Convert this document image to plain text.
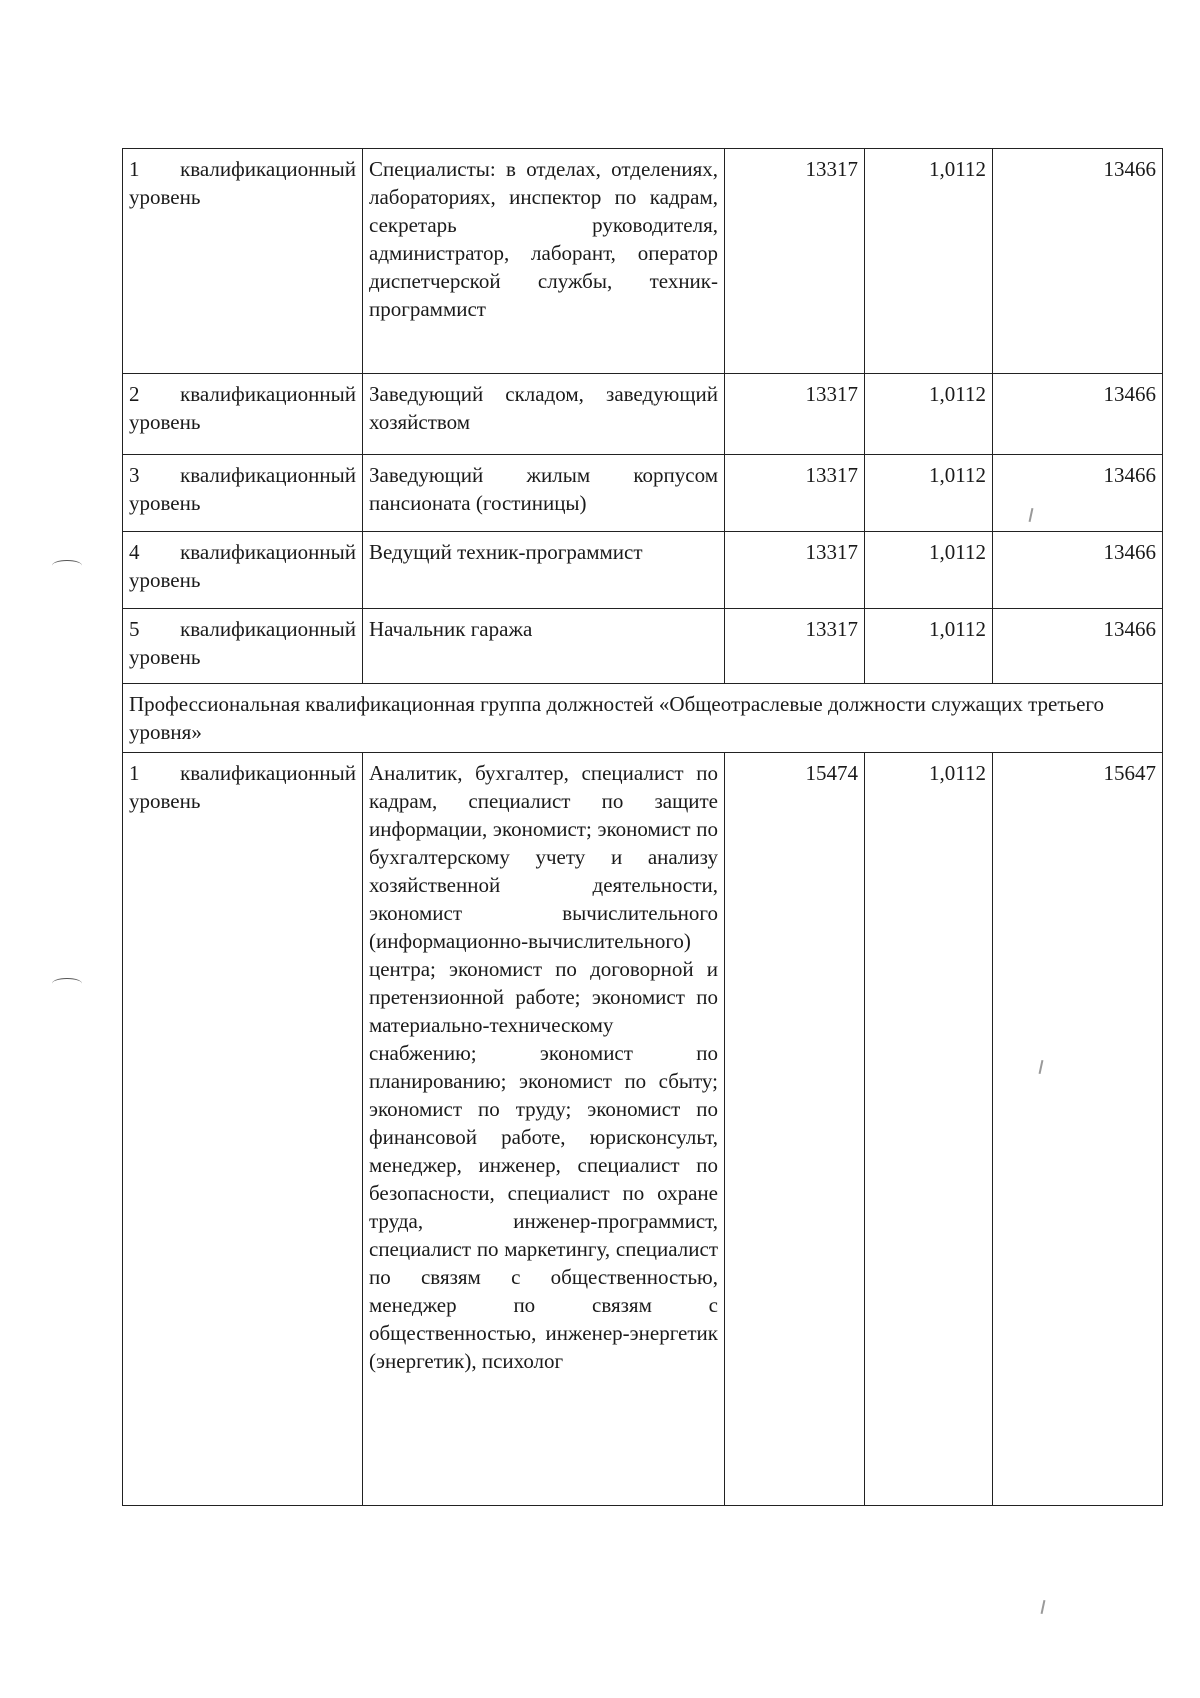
1 квалификационный уровень	Специалисты: в отделах, отделениях, лабораториях, инспектор по кадрам, секретарь руководителя, администратор, лаборант, оператор диспетчерской службы, техник-программист	13317	1,0112	13466
2 квалификационный уровень	Заведующий складом, заведующий хозяйством	13317	1,0112	13466
3 квалификационный уровень	Заведующий жилым корпусом пансионата (гостиницы)	13317	1,0112	13466
4 квалификационный уровень	Ведущий техник-программист	13317	1,0112	13466
5 квалификационный уровень	Начальник гаража	13317	1,0112	13466
Профессиональная квалификационная группа должностей «Общеотраслевые должности служащих третьего уровня»				
1 квалификационный уровень	Аналитик, бухгалтер, специалист по кадрам, специалист по защите информации, экономист; экономист по бухгалтерскому учету и анализу хозяйственной деятельности, экономист вычислительного (информационно-вычислительного) центра; экономист по договорной и претензионной работе; экономист по материально-техническому снабжению; экономист по планированию; экономист по сбыту; экономист по труду; экономист по финансовой работе, юрисконсульт, менеджер, инженер, специалист по безопасности, специалист по охране труда, инженер-программист, специалист по маркетингу, специалист по связям с общественностью, менеджер по связям с общественностью, инженер-энергетик (энергетик), психолог	15474	1,0112	15647
